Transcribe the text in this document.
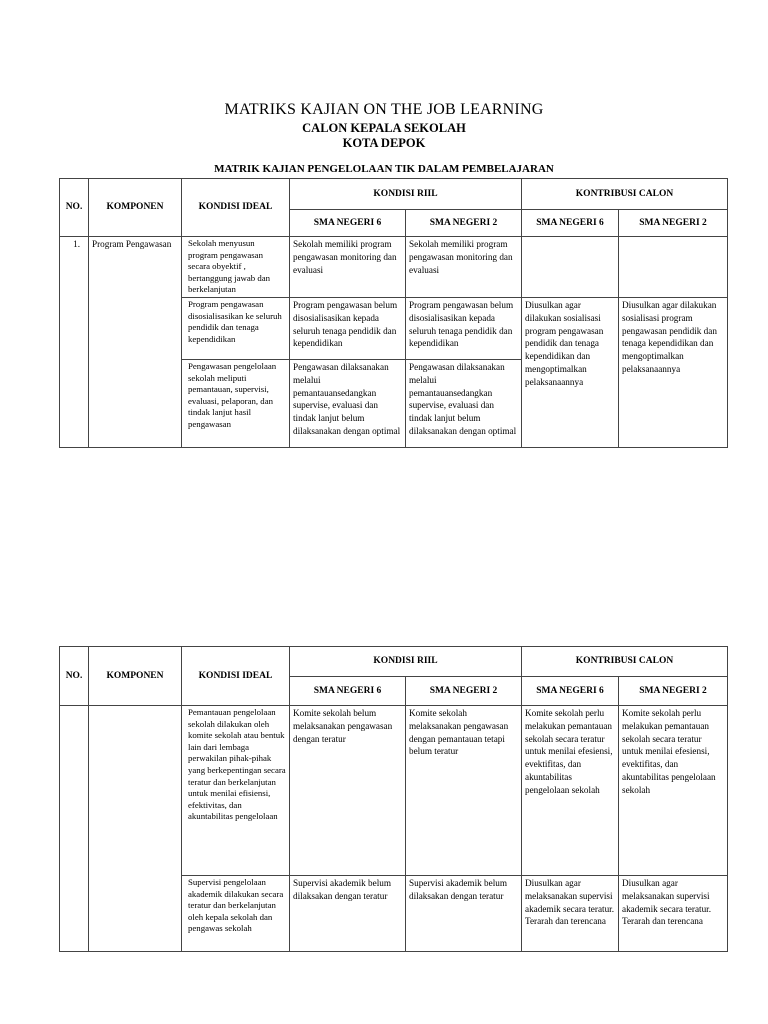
MATRIKS KAJIAN ON THE JOB LEARNING
CALON KEPALA SEKOLAH
KOTA DEPOK
MATRIK KAJIAN PENGELOLAAN TIK DALAM PEMBELAJARAN
NO.	KOMPONEN	KONDISI IDEAL	KONDISI RIIL		KONTRIBUSI CALON	
			SMA NEGERI 6	SMA NEGERI 2	SMA NEGERI 6	SMA NEGERI 2
1.	Program Pengawasan	Sekolah menyusun program pengawasan secara obyektif , bertanggung jawab dan berkelanjutan	Sekolah memiliki program pengawasan monitoring dan evaluasi	Sekolah memiliki program pengawasan monitoring dan evaluasi		
		Program pengawasan disosialisasikan ke seluruh pendidik dan tenaga kependidikan	Program pengawasan belum disosialisasikan kepada seluruh tenaga pendidik dan kependidikan	Program pengawasan belum disosialisasikan kepada seluruh tenaga pendidik dan kependidikan	Diusulkan agar dilakukan sosialisasi program pengawasan pendidik dan tenaga kependidikan dan mengoptimalkan pelaksanaannya	Diusulkan agar dilakukan sosialisasi program pengawasan pendidik dan tenaga kependidikan dan mengoptimalkan pelaksanaannya
		Pengawasan pengelolaan sekolah meliputi pemantauan, supervisi, evaluasi, pelaporan, dan tindak lanjut hasil pengawasan	Pengawasan dilaksanakan melalui pemantauansedangkan supervise, evaluasi dan tindak lanjut belum dilaksanakan dengan optimal	Pengawasan dilaksanakan melalui pemantauansedangkan supervise, evaluasi dan tindak lanjut belum dilaksanakan dengan optimal		
NO.	KOMPONEN	KONDISI IDEAL	KONDISI RIIL		KONTRIBUSI CALON	
			SMA NEGERI 6	SMA NEGERI 2	SMA NEGERI 6	SMA NEGERI 2
		Pemantauan pengelolaan sekolah dilakukan oleh komite sekolah atau bentuk lain dari lembaga perwakilan pihak-pihak yang berkepentingan secara teratur dan berkelanjutan untuk menilai efisiensi, efektivitas, dan akuntabilitas pengelolaan	Komite sekolah belum melaksanakan pengawasan dengan teratur	Komite sekolah melaksanakan pengawasan dengan pemantauan tetapi belum teratur	Komite sekolah perlu melakukan pemantauan sekolah secara teratur untuk menilai efesiensi, evektifitas, dan akuntabilitas pengelolaan sekolah	Komite sekolah perlu melakukan pemantauan sekolah secara teratur untuk menilai efesiensi, evektifitas, dan akuntabilitas pengelolaan sekolah
		Supervisi pengelolaan akademik dilakukan secara teratur dan berkelanjutan oleh kepala sekolah dan pengawas sekolah	Supervisi akademik belum dilaksakan dengan teratur	Supervisi akademik belum dilaksakan dengan teratur	Diusulkan agar melaksanakan supervisi akademik secara teratur. Terarah dan terencana	Diusulkan agar melaksanakan supervisi akademik secara teratur. Terarah dan terencana
